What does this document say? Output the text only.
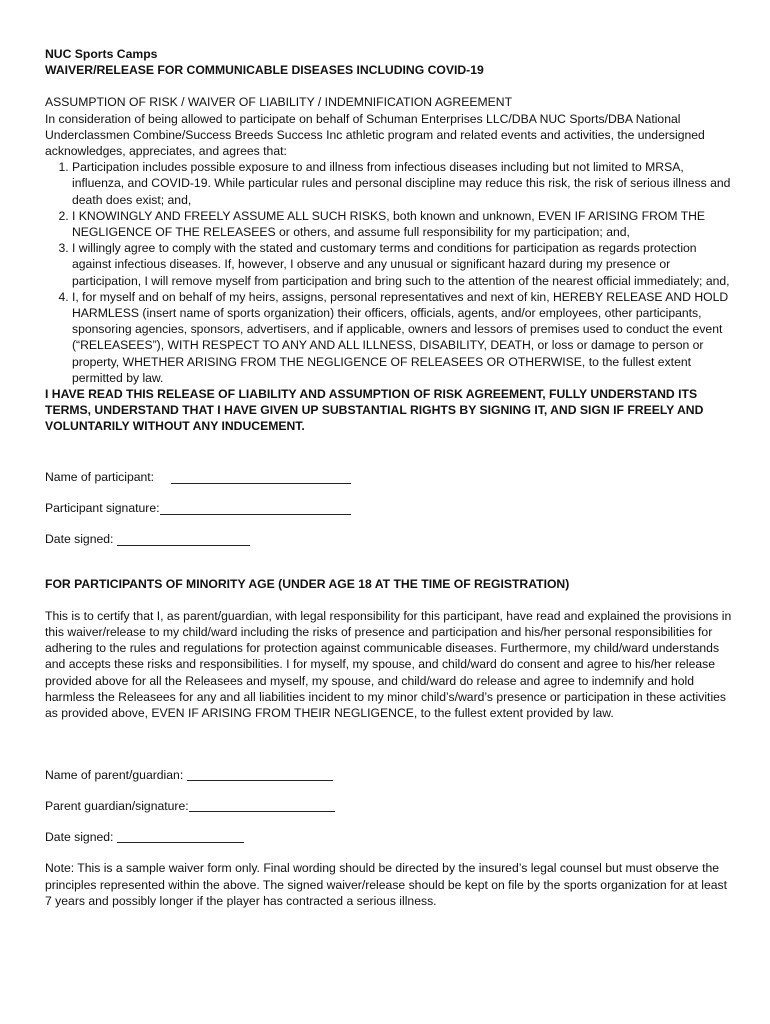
NUC Sports Camps

WAIVER/RELEASE FOR COMMUNICABLE DISEASES INCLUDING COVID-19

ASSUMPTION OF RISK / WAIVER OF LIABILITY / INDEMNIFICATION AGREEMENT

In consideration of being allowed to participate on behalf of Schuman Enterprises LLC/DBA NUC Sports/DBA National Underclassmen Combine/Success Breeds Success Inc athletic program and related events and activities, the undersigned acknowledges, appreciates, and agrees that:

1. Participation includes possible exposure to and illness from infectious diseases including but not limited to MRSA, influenza, and COVID-19. While particular rules and personal discipline may reduce this risk, the risk of serious illness and death does exist; and,
2. I KNOWINGLY AND FREELY ASSUME ALL SUCH RISKS, both known and unknown, EVEN IF ARISING FROM THE NEGLIGENCE OF THE RELEASEES or others, and assume full responsibility for my participation; and,
3. I willingly agree to comply with the stated and customary terms and conditions for participation as regards protection against infectious diseases. If, however, I observe and any unusual or significant hazard during my presence or participation, I will remove myself from participation and bring such to the attention of the nearest official immediately; and,
4. I, for myself and on behalf of my heirs, assigns, personal representatives and next of kin, HEREBY RELEASE AND HOLD HARMLESS (insert name of sports organization) their officers, officials, agents, and/or employees, other participants, sponsoring agencies, sponsors, advertisers, and if applicable, owners and lessors of premises used to conduct the event (“RELEASEES”), WITH RESPECT TO ANY AND ALL ILLNESS, DISABILITY, DEATH, or loss or damage to person or property, WHETHER ARISING FROM THE NEGLIGENCE OF RELEASEES OR OTHERWISE, to the fullest extent permitted by law.

I HAVE READ THIS RELEASE OF LIABILITY AND ASSUMPTION OF RISK AGREEMENT, FULLY UNDERSTAND ITS TERMS, UNDERSTAND THAT I HAVE GIVEN UP SUBSTANTIAL RIGHTS BY SIGNING IT, AND SIGN IF FREELY AND VOLUNTARILY WITHOUT ANY INDUCEMENT.

Name of participant:
Participant signature:
Date signed:

FOR PARTICIPANTS OF MINORITY AGE (UNDER AGE 18 AT THE TIME OF REGISTRATION)

This is to certify that I, as parent/guardian, with legal responsibility for this participant, have read and explained the provisions in this waiver/release to my child/ward including the risks of presence and participation and his/her personal responsibilities for adhering to the rules and regulations for protection against communicable diseases. Furthermore, my child/ward understands and accepts these risks and responsibilities. I for myself, my spouse, and child/ward do consent and agree to his/her release provided above for all the Releasees and myself, my spouse, and child/ward do release and agree to indemnify and hold harmless the Releasees for any and all liabilities incident to my minor child’s/ward’s presence or participation in these activities as provided above, EVEN IF ARISING FROM THEIR NEGLIGENCE, to the fullest extent provided by law.

Name of parent/guardian:
Parent guardian/signature:
Date signed:

Note: This is a sample waiver form only. Final wording should be directed by the insured’s legal counsel but must observe the principles represented within the above. The signed waiver/release should be kept on file by the sports organization for at least 7 years and possibly longer if the player has contracted a serious illness.
